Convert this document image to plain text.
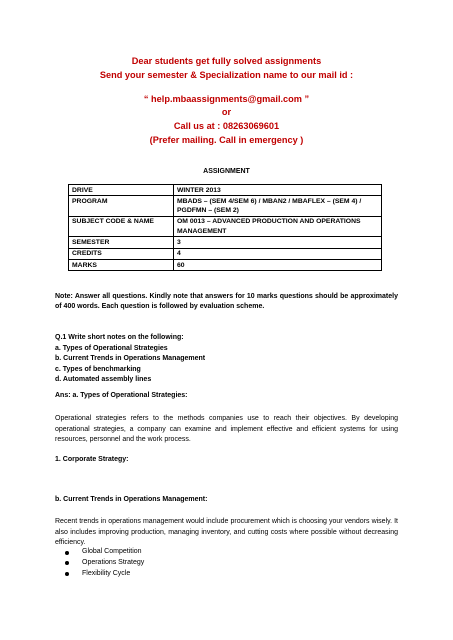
Dear students get fully solved assignments
Send your semester & Specialization name to our mail id :
“ help.mbaassignments@gmail.com ”
or
Call us at : 08263069601
(Prefer mailing. Call in emergency )
ASSIGNMENT
DRIVE	WINTER 2013
PROGRAM	MBADS – (SEM 4/SEM 6) / MBAN2 / MBAFLEX – (SEM 4) / PGDFMN – (SEM 2)
SUBJECT CODE & NAME	OM 0013 – ADVANCED PRODUCTION AND OPERATIONS MANAGEMENT
SEMESTER	3
CREDITS	4
MARKS	60
Note: Answer all questions. Kindly note that answers for 10 marks questions should be approximately of 400 words. Each question is followed by evaluation scheme.
Q.1 Write short notes on the following:
a. Types of Operational Strategies
b. Current Trends in Operations Management
c. Types of benchmarking
d. Automated assembly lines
Ans: a. Types of Operational Strategies:
Operational strategies refers to the methods companies use to reach their objectives. By developing operational strategies, a company can examine and implement effective and efficient systems for using resources, personnel and the work process.
1. Corporate Strategy:
b. Current Trends in Operations Management:
Recent trends in operations management would include procurement which is choosing your vendors wisely. It also includes improving production, managing inventory, and cutting costs where possible without decreasing efficiency.
Global Competition
Operations Strategy
Flexibility Cycle
